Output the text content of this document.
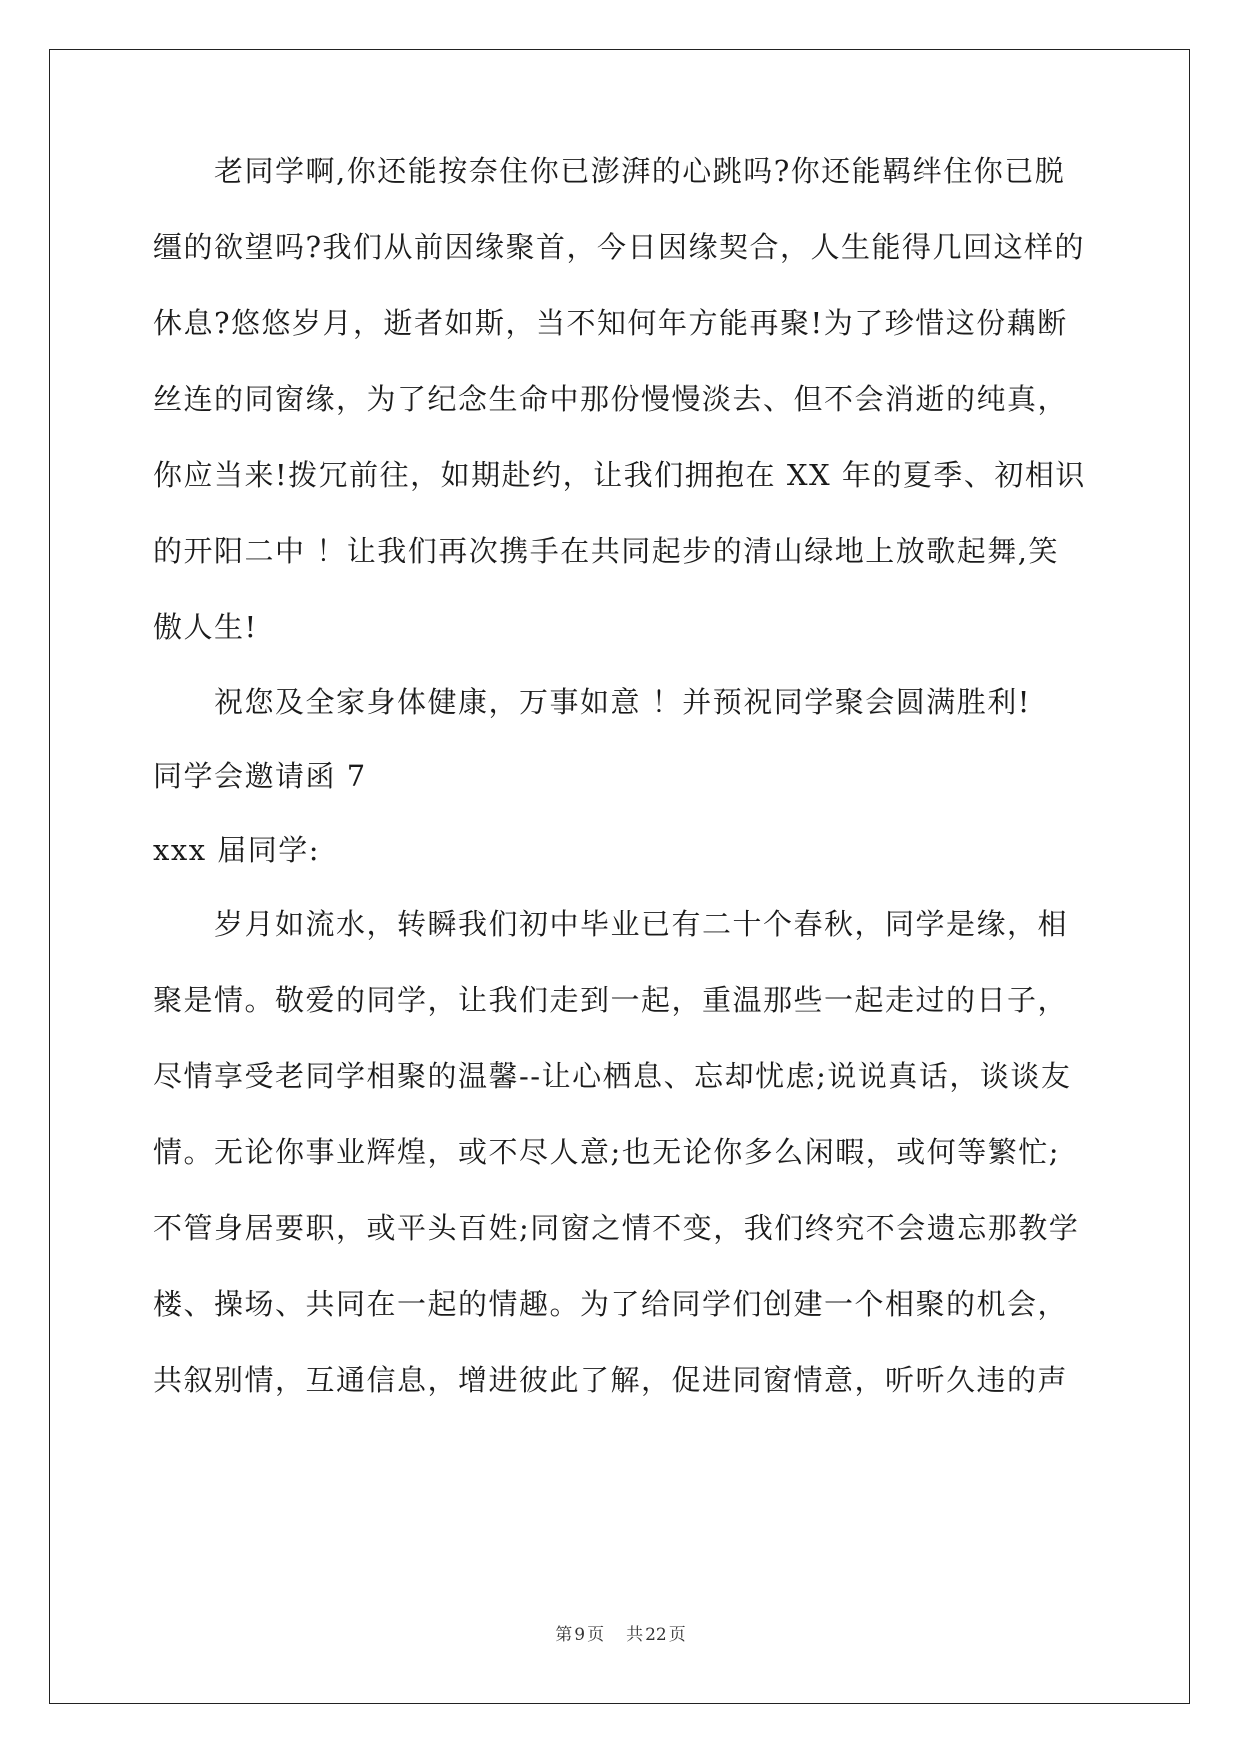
　　老同学啊,你还能按奈住你已澎湃的心跳吗?你还能羁绊住你已脱
缰的欲望吗?我们从前因缘聚首，今日因缘契合，人生能得几回这样的
休息?悠悠岁月，逝者如斯，当不知何年方能再聚!为了珍惜这份藕断
丝连的同窗缘，为了纪念生命中那份慢慢淡去、但不会消逝的纯真，
你应当来!拨冗前往，如期赴约，让我们拥抱在 XX 年的夏季、初相识
的开阳二中 ！让我们再次携手在共同起步的清山绿地上放歌起舞,笑
傲人生!
　　祝您及全家身体健康，万事如意 ！并预祝同学聚会圆满胜利!
同学会邀请函 7
xxx 届同学:
　　岁月如流水，转瞬我们初中毕业已有二十个春秋，同学是缘，相
聚是情。敬爱的同学，让我们走到一起，重温那些一起走过的日子，
尽情享受老同学相聚的温馨--让心栖息、忘却忧虑;说说真话，谈谈友
情。无论你事业辉煌，或不尽人意;也无论你多么闲暇，或何等繁忙;
不管身居要职，或平头百姓;同窗之情不变，我们终究不会遗忘那教学
楼、操场、共同在一起的情趣。为了给同学们创建一个相聚的机会，
共叙别情，互通信息，增进彼此了解，促进同窗情意，听听久违的声
第 9 页 共 22 页
